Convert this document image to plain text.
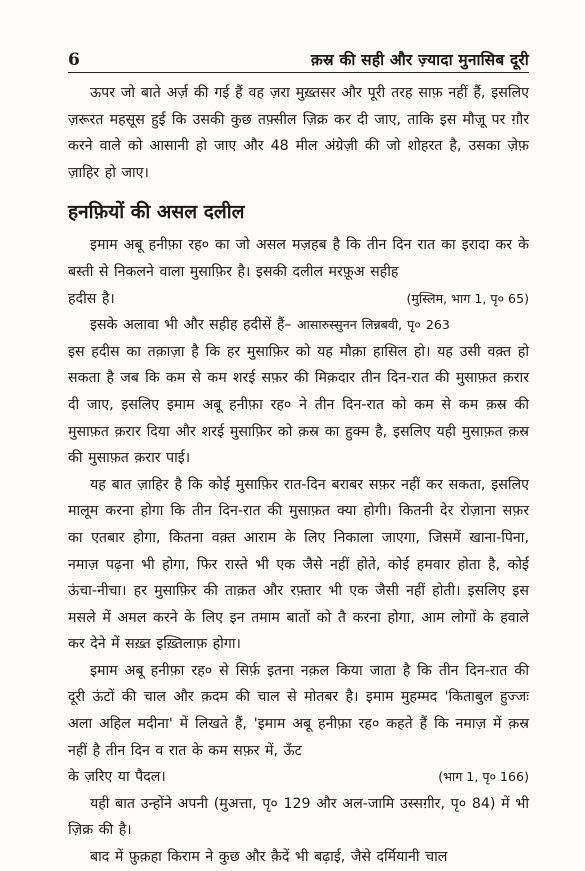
6	क़स्र की सही और ज़्यादा मुनासिब दूरी

ऊपर जो बाते अर्ज़ की गई हैं वह ज़रा मुख़्तसर और पूरी तरह साफ़ नहीं हैं, इसलिए ज़रूरत महसूस हुई कि उसकी कुछ तफ़्सील ज़िक्र कर दी जाए, ताकि इस मौज़ू पर ग़ौर करने वाले को आसानी हो जाए और 48 मील अंग्रेज़ी की जो शोहरत है, उसका ज़ेफ़ ज़ाहिर हो जाए।

हनफ़ियों की असल दलील

इमाम अबू हनीफ़ा रह० का जो असल मज़हब है कि तीन दिन रात का इरादा कर के बस्ती से निकलने वाला मुसाफ़िर है। इसकी दलील मरफ़ूअ सहीह

हदीस है।	(मुस्लिम, भाग 1, पृ० 65)

इसके अलावा भी और सहीह हदीसें हैं– आसारुस्सुनन लिन्नबवी, पृ० 263

इस हदीस का तक़ाज़ा है कि हर मुसाफ़िर को यह मौक़ा हासिल हो। यह उसी वक़्त हो सकता है जब कि कम से कम शरई सफ़र की मिक़दार तीन दिन-रात की मुसाफ़त क़रार दी जाए, इसलिए इमाम अबू हनीफ़ा रह० ने तीन दिन-रात को कम से कम क़स्र की मुसाफ़त क़रार दिया और शरई मुसाफ़िर को क़स्र का हुक्म है, इसलिए यही मुसाफ़त क़स्र की मुसाफ़त क़रार पाई।

यह बात ज़ाहिर है कि कोई मुसाफ़िर रात-दिन बराबर सफ़र नहीं कर सकता, इसलिए मालूम करना होगा कि तीन दिन-रात की मुसाफ़त क्या होगी। कितनी देर रोज़ाना सफ़र का एतबार होगा, कितना वक़्त आराम के लिए निकाला जाएगा, जिसमें खाना-पिना, नमाज़ पढ़ना भी होगा, फिर रास्ते भी एक जैसे नहीं होते, कोई हमवार होता है, कोई ऊंचा-नीचा। हर मुसाफ़िर की ताक़त और रफ़्तार भी एक जैसी नहीं होती। इसलिए इस मसले में अमल करने के लिए इन तमाम बातों को तै करना होगा, आम लोगों के हवाले कर देने में सख़्त इख़्तिलाफ़ होगा।

इमाम अबू हनीफ़ा रह० से सिर्फ़ इतना नक़ल किया जाता है कि तीन दिन-रात की दूरी ऊंटों की चाल और क़दम की चाल से मोतबर है। इमाम मुहम्मद 'किताबुल हुज्जः अला अहिल मदीना' में लिखते हैं, 'इमाम अबू हनीफ़ा रह० कहते हैं कि नमाज़ में क़स्र नहीं है तीन दिन व रात के कम सफ़र में, ऊँट

के ज़रिए या पैदल।	(भाग 1, पृ० 166)

यही बात उन्होंने अपनी (मुअत्ता, पृ० 129 और अल-जामि उस्सग़ीर, पृ० 84) में भी ज़िक्र की है।

बाद में फ़ुक़हा किराम ने कुछ और क़ैदें भी बढ़ाई, जैसे दर्मियानी चाल
